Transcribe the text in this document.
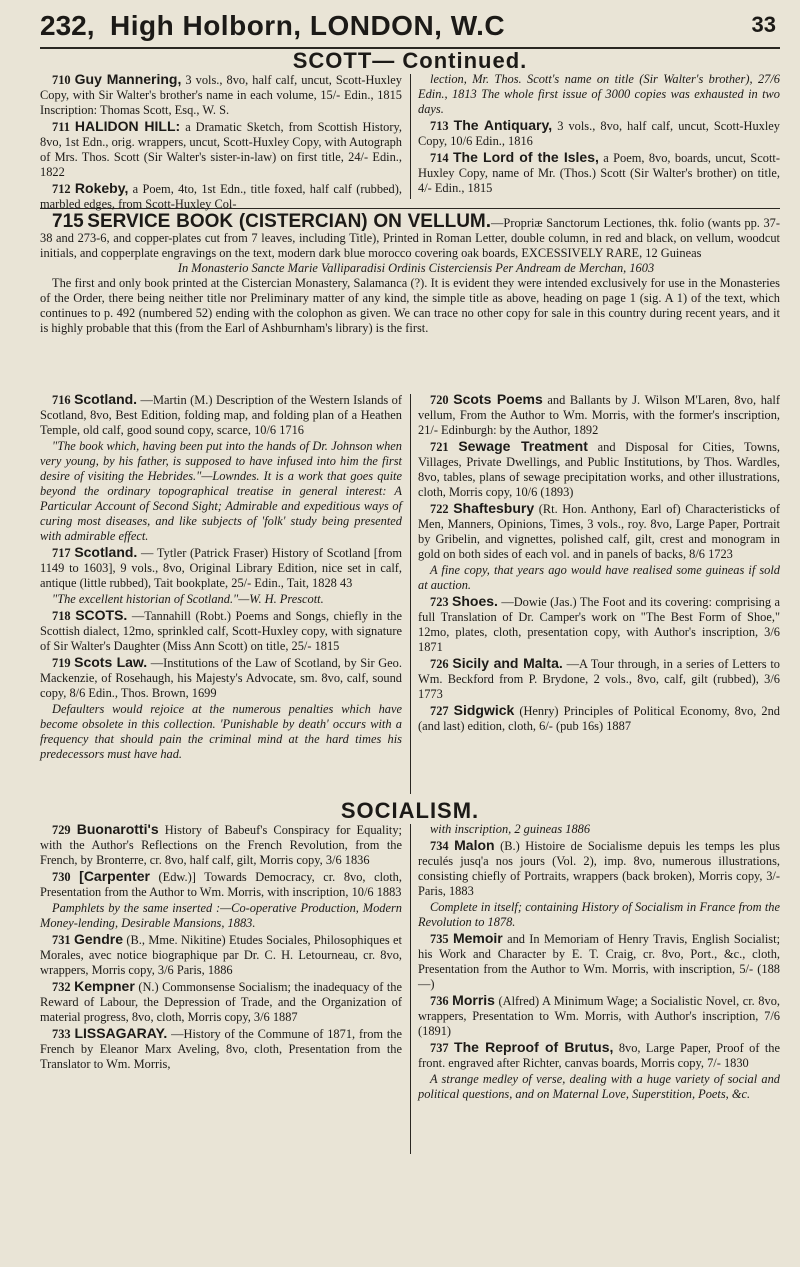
232, High Holborn, LONDON, W.C	33
SCOTT— Continued.

710 Guy Mannering, 3 vols., 8vo, half calf, uncut, Scott-Huxley Copy, with Sir Walter's brother's name in each volume, 15/- Edin., 1815 Inscription: Thomas Scott, Esq., W. S.

711 HALIDON HILL: a Dramatic Sketch, from Scottish History, 8vo, 1st Edn., orig. wrappers, uncut, Scott-Huxley Copy, with Autograph of Mrs. Thos. Scott (Sir Walter's sister-in-law) on first title, 24/- Edin., 1822

712 Rokeby, a Poem, 4to, 1st Edn., title foxed, half calf (rubbed), marbled edges, from Scott-Huxley Col-

lection, Mr. Thos. Scott's name on title (Sir Walter's brother), 27/6 Edin., 1813 The whole first issue of 3000 copies was exhausted in two days.

713 The Antiquary, 3 vols., 8vo, half calf, uncut, Scott-Huxley Copy, 10/6 Edin., 1816

714 The Lord of the Isles, a Poem, 8vo, boards, uncut, Scott-Huxley Copy, name of Mr. (Thos.) Scott (Sir Walter's brother) on title, 4/- Edin., 1815

715 SERVICE BOOK (CISTERCIAN) ON VELLUM.—Propriæ Sanctorum Lectiones, thk. folio (wants pp. 37-38 and 273-6, and copper-plates cut from 7 leaves, including Title), Printed in Roman Letter, double column, in red and black, on vellum, woodcut initials, and copperplate engravings on the text, modern dark blue morocco covering oak boards, EXCESSIVELY RARE, 12 Guineas

In Monasterio Sancte Marie Valliparadisi Ordinis Cisterciensis Per Andream de Merchan, 1603

The first and only book printed at the Cistercian Monastery, Salamanca (?). It is evident they were intended exclusively for use in the Monasteries of the Order, there being neither title nor Preliminary matter of any kind, the simple title as above, heading on page 1 (sig. A 1) of the text, which continues to p. 492 (numbered 52) ending with the colophon as given. We can trace no other copy for sale in this country during recent years, and it is highly probable that this (from the Earl of Ashburnham's library) is the first.

716 Scotland. —Martin (M.) Description of the Western Islands of Scotland, 8vo, Best Edition, folding map, and folding plan of a Heathen Temple, old calf, good sound copy, scarce, 10/6 1716

"The book which, having been put into the hands of Dr. Johnson when very young, by his father, is supposed to have infused into him the first desire of visiting the Hebrides."—Lowndes. It is a work that goes quite beyond the ordinary topographical treatise in general interest: A Particular Account of Second Sight; Admirable and expeditious ways of curing most diseases, and like subjects of 'folk' study being presented with admirable effect.

717 Scotland. — Tytler (Patrick Fraser) History of Scotland [from 1149 to 1603], 9 vols., 8vo, Original Library Edition, nice set in calf, antique (little rubbed), Tait bookplate, 25/- Edin., Tait, 1828 43

"The excellent historian of Scotland."—W. H. Prescott.

718 SCOTS. —Tannahill (Robt.) Poems and Songs, chiefly in the Scottish dialect, 12mo, sprinkled calf, Scott-Huxley copy, with signature of Sir Walter's Daughter (Miss Ann Scott) on title, 25/- 1815

719 Scots Law. —Institutions of the Law of Scotland, by Sir Geo. Mackenzie, of Rosehaugh, his Majesty's Advocate, sm. 8vo, calf, sound copy, 8/6 Edin., Thos. Brown, 1699

Defaulters would rejoice at the numerous penalties which have become obsolete in this collection. 'Punishable by death' occurs with a frequency that should pain the criminal mind at the hard times his predecessors must have had.

720 Scots Poems and Ballants by J. Wilson M'Laren, 8vo, half vellum, From the Author to Wm. Morris, with the former's inscription, 21/- Edinburgh: by the Author, 1892

721 Sewage Treatment and Disposal for Cities, Towns, Villages, Private Dwellings, and Public Institutions, by Thos. Wardles, 8vo, tables, plans of sewage precipitation works, and other illustrations, cloth, Morris copy, 10/6 (1893)

722 Shaftesbury (Rt. Hon. Anthony, Earl of) Characteristicks of Men, Manners, Opinions, Times, 3 vols., roy. 8vo, Large Paper, Portrait by Gribelin, and vignettes, polished calf, gilt, crest and monogram in gold on both sides of each vol. and in panels of backs, 8/6 1723

A fine copy, that years ago would have realised some guineas if sold at auction.

723 Shoes. —Dowie (Jas.) The Foot and its covering: comprising a full Translation of Dr. Camper's work on "The Best Form of Shoe," 12mo, plates, cloth, presentation copy, with Author's inscription, 3/6 1871

726 Sicily and Malta. —A Tour through, in a series of Letters to Wm. Beckford from P. Brydone, 2 vols., 8vo, calf, gilt (rubbed), 3/6 1773

727 Sidgwick (Henry) Principles of Political Economy, 8vo, 2nd (and last) edition, cloth, 6/- (pub 16s) 1887

SOCIALISM.

729 Buonarotti's History of Babeuf's Conspiracy for Equality; with the Author's Reflections on the French Revolution, from the French, by Bronterre, cr. 8vo, half calf, gilt, Morris copy, 3/6 1836

730 [Carpenter (Edw.)] Towards Democracy, cr. 8vo, cloth, Presentation from the Author to Wm. Morris, with inscription, 10/6 1883

Pamphlets by the same inserted :—Co-operative Production, Modern Money-lending, Desirable Mansions, 1883.

731 Gendre (B., Mme. Nikitine) Etudes Sociales, Philosophiques et Morales, avec notice biographique par Dr. C. H. Letourneau, cr. 8vo, wrappers, Morris copy, 3/6 Paris, 1886

732 Kempner (N.) Commonsense Socialism; the inadequacy of the Reward of Labour, the Depression of Trade, and the Organization of material progress, 8vo, cloth, Morris copy, 3/6 1887

733 LISSAGARAY. —History of the Commune of 1871, from the French by Eleanor Marx Aveling, 8vo, cloth, Presentation from the Translator to Wm. Morris,

with inscription, 2 guineas 1886

734 Malon (B.) Histoire de Socialisme depuis les temps les plus reculés jusq'a nos jours (Vol. 2), imp. 8vo, numerous illustrations, consisting chiefly of Portraits, wrappers (back broken), Morris copy, 3/- Paris, 1883

Complete in itself; containing History of Socialism in France from the Revolution to 1878.

735 Memoir and In Memoriam of Henry Travis, English Socialist; his Work and Character by E. T. Craig, cr. 8vo, Port., &c., cloth, Presentation from the Author to Wm. Morris, with inscription, 5/- (188—)

736 Morris (Alfred) A Minimum Wage; a Socialistic Novel, cr. 8vo, wrappers, Presentation to Wm. Morris, with Author's inscription, 7/6 (1891)

737 The Reproof of Brutus, 8vo, Large Paper, Proof of the front. engraved after Richter, canvas boards, Morris copy, 7/- 1830

A strange medley of verse, dealing with a huge variety of social and political questions, and on Maternal Love, Superstition, Poets, &c.
